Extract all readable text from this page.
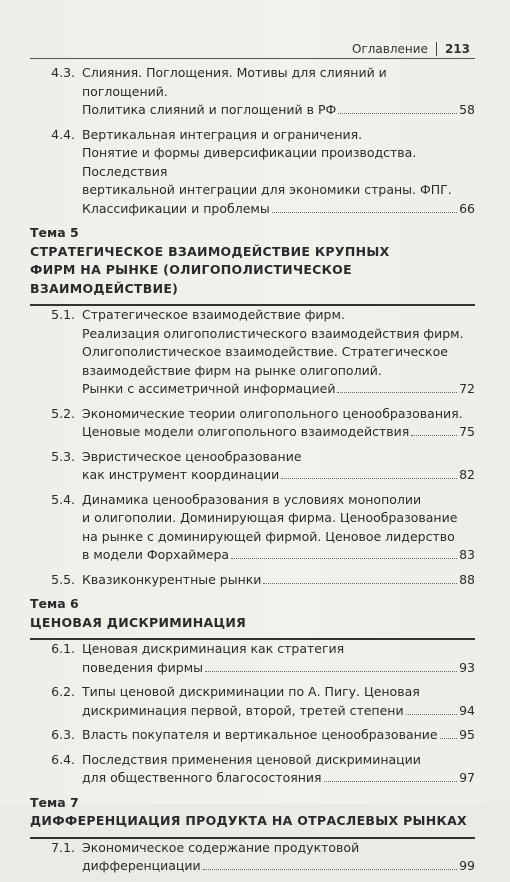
Оглавление 213
4.3. Слияния. Поглощения. Мотивы для слияний и поглощений.
Политика слияний и поглощений в РФ	58
4.4. Вертикальная интеграция и ограничения.
Понятие и формы диверсификации производства. Последствия
вертикальной интеграции для экономики страны. ФПГ.
Классификации и проблемы	66
Тема 5
СТРАТЕГИЧЕСКОЕ ВЗАИМОДЕЙСТВИЕ КРУПНЫХ
ФИРМ НА РЫНКЕ (ОЛИГОПОЛИСТИЧЕСКОЕ
ВЗАИМОДЕЙСТВИЕ)
5.1. Стратегическое взаимодействие фирм.
Реализация олигополистического взаимодействия фирм.
Олигополистическое взаимодействие. Стратегическое
взаимодействие фирм на рынке олигополий.
Рынки с ассиметричной информацией	72
5.2. Экономические теории олигопольного ценообразования.
Ценовые модели олигопольного взаимодействия	75
5.3. Эвристическое ценообразование
как инструмент координации	82
5.4. Динамика ценообразования в условиях монополии
и олигополии. Доминирующая фирма. Ценообразование
на рынке с доминирующей фирмой. Ценовое лидерство
в модели Форхаймера	83
5.5. Квазиконкурентные рынки	88
Тема 6
ЦЕНОВАЯ ДИСКРИМИНАЦИЯ
6.1. Ценовая дискриминация как стратегия
поведения фирмы	93
6.2. Типы ценовой дискриминации по А. Пигу. Ценовая
дискриминация первой, второй, третей степени	94
6.3. Власть покупателя и вертикальное ценообразование 95
6.4. Последствия применения ценовой дискриминации
для общественного благосостояния	97
Тема 7
ДИФФЕРЕНЦИАЦИЯ ПРОДУКТА НА ОТРАСЛЕВЫХ РЫНКАХ
7.1. Экономическое содержание продуктовой
дифференциации	99
